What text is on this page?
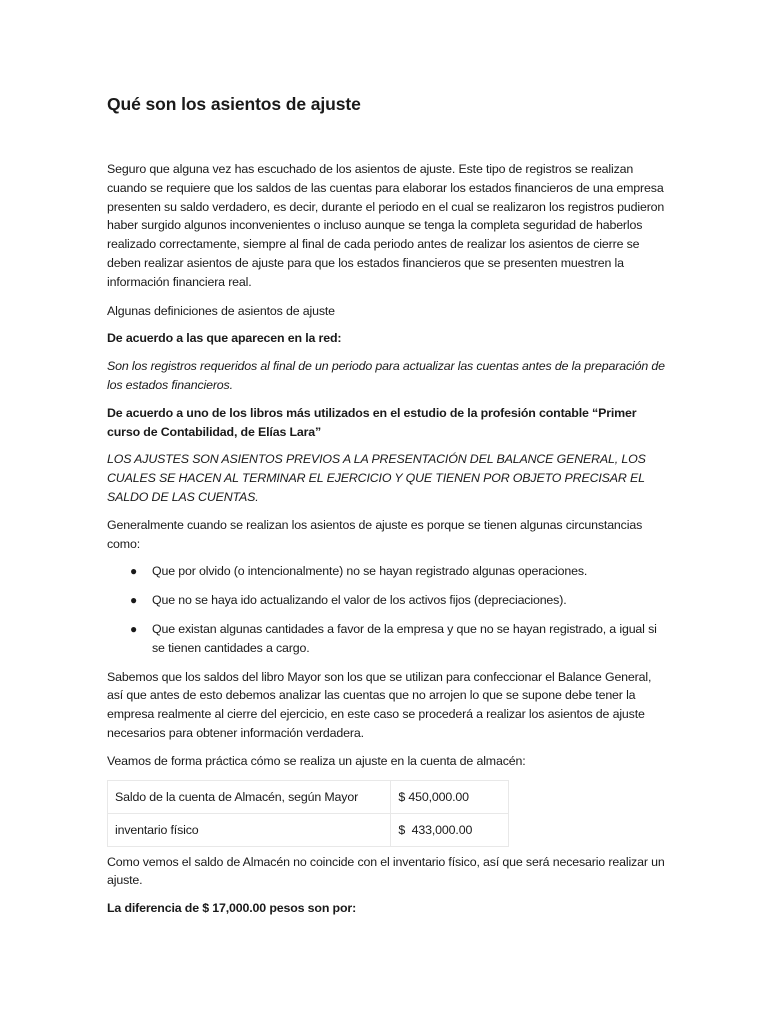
Qué son los asientos de ajuste

Seguro que alguna vez has escuchado de los asientos de ajuste. Este tipo de registros se realizan cuando se requiere que los saldos de las cuentas para elaborar los estados financieros de una empresa presenten su saldo verdadero, es decir, durante el periodo en el cual se realizaron los registros pudieron haber surgido algunos inconvenientes o incluso aunque se tenga la completa seguridad de haberlos realizado correctamente, siempre al final de cada periodo antes de realizar los asientos de cierre se deben realizar asientos de ajuste para que los estados financieros que se presenten muestren la información financiera real.

Algunas definiciones de asientos de ajuste

De acuerdo a las que aparecen en la red:

Son los registros requeridos al final de un periodo para actualizar las cuentas antes de la preparación de los estados financieros.

De acuerdo a uno de los libros más utilizados en el estudio de la profesión contable “Primer curso de Contabilidad, de Elías Lara”

LOS AJUSTES SON ASIENTOS PREVIOS A LA PRESENTACIÓN DEL BALANCE GENERAL, LOS CUALES SE HACEN AL TERMINAR EL EJERCICIO Y QUE TIENEN POR OBJETO PRECISAR EL SALDO DE LAS CUENTAS.

Generalmente cuando se realizan los asientos de ajuste es porque se tienen algunas circunstancias como:

● Que por olvido (o intencionalmente) no se hayan registrado algunas operaciones.
● Que no se haya ido actualizando el valor de los activos fijos (depreciaciones).
● Que existan algunas cantidades a favor de la empresa y que no se hayan registrado, a igual si se tienen cantidades a cargo.

Sabemos que los saldos del libro Mayor son los que se utilizan para confeccionar el Balance General, así que antes de esto debemos analizar las cuentas que no arrojen lo que se supone debe tener la empresa realmente al cierre del ejercicio, en este caso se procederá a realizar los asientos de ajuste necesarios para obtener información verdadera.

Veamos de forma práctica cómo se realiza un ajuste en la cuenta de almacén:

Saldo de la cuenta de Almacén, según Mayor	$ 450,000.00
inventario físico	$  433,000.00

Como vemos el saldo de Almacén no coincide con el inventario físico, así que será necesario realizar un ajuste.

La diferencia de $ 17,000.00 pesos son por:
